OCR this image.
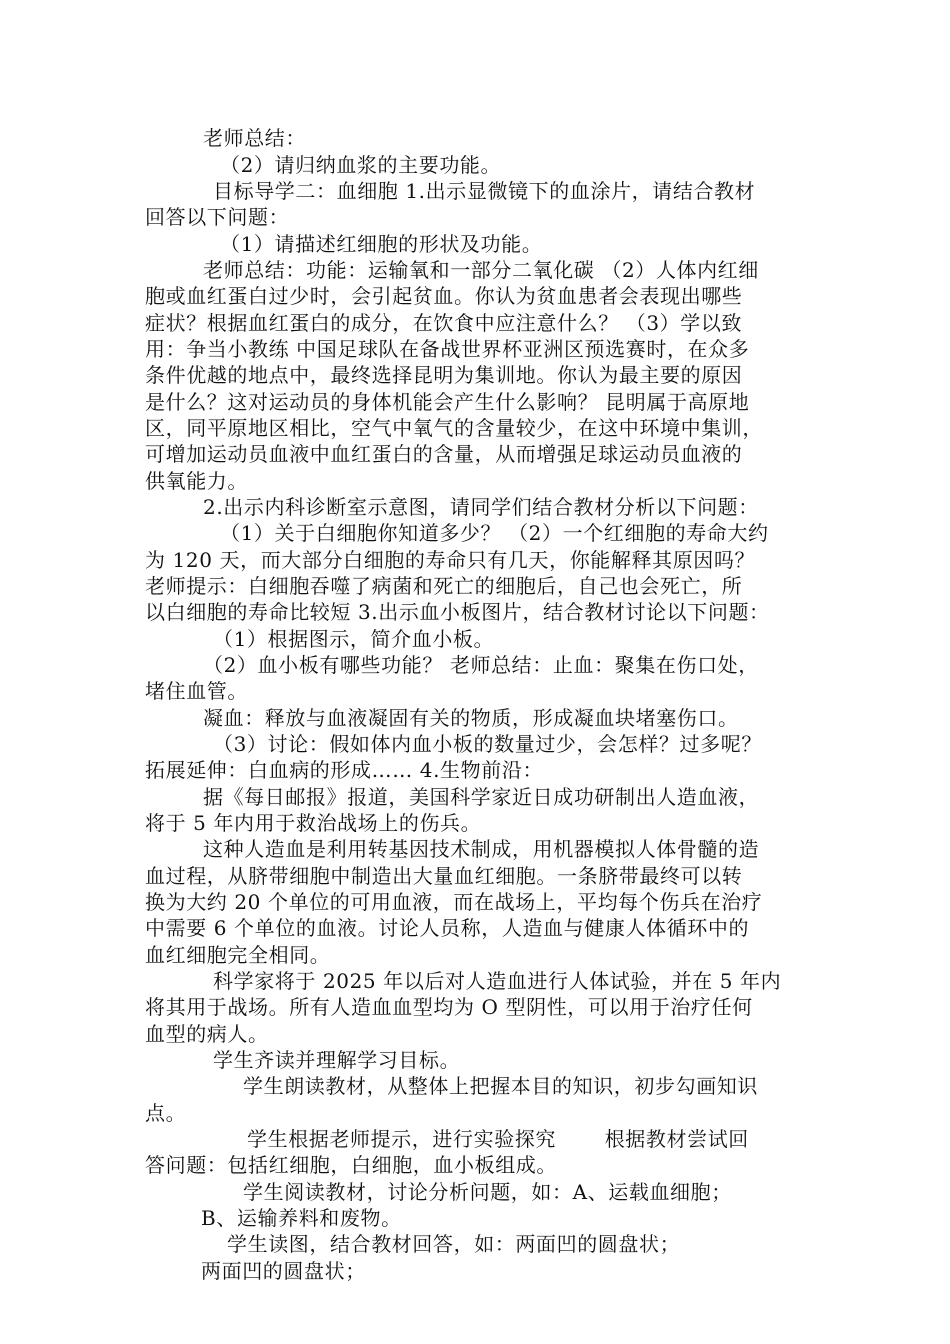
老师总结：
（2）请归纳血浆的主要功能。
目标导学二：血细胞 1.出示显微镜下的血涂片，请结合教材
回答以下问题：
（1）请描述红细胞的形状及功能。
老师总结：功能：运输氧和一部分二氧化碳 （2）人体内红细
胞或血红蛋白过少时，会引起贫血。你认为贫血患者会表现出哪些
症状？根据血红蛋白的成分，在饮食中应注意什么？ （3）学以致
用：争当小教练 中国足球队在备战世界杯亚洲区预选赛时，在众多
条件优越的地点中，最终选择昆明为集训地。你认为最主要的原因
是什么？这对运动员的身体机能会产生什么影响？ 昆明属于高原地
区，同平原地区相比，空气中氧气的含量较少，在这中环境中集训，
可增加运动员血液中血红蛋白的含量，从而增强足球运动员血液的
供氧能力。
2.出示内科诊断室示意图，请同学们结合教材分析以下问题：
（1）关于白细胞你知道多少？ （2）一个红细胞的寿命大约
为 120 天，而大部分白细胞的寿命只有几天，你能解释其原因吗？
老师提示：白细胞吞噬了病菌和死亡的细胞后，自己也会死亡，所
以白细胞的寿命比较短 3.出示血小板图片，结合教材讨论以下问题：
（1）根据图示，简介血小板。
（2）血小板有哪些功能？ 老师总结：止血：聚集在伤口处，
堵住血管。
凝血：释放与血液凝固有关的物质，形成凝血块堵塞伤口。
（3）讨论：假如体内血小板的数量过少，会怎样？过多呢？
拓展延伸：白血病的形成…… 4.生物前沿：
据《每日邮报》报道，美国科学家近日成功研制出人造血液，
将于 5 年内用于救治战场上的伤兵。
这种人造血是利用转基因技术制成，用机器模拟人体骨髓的造
血过程，从脐带细胞中制造出大量血红细胞。一条脐带最终可以转
换为大约 20 个单位的可用血液，而在战场上，平均每个伤兵在治疗
中需要 6 个单位的血液。讨论人员称，人造血与健康人体循环中的
血红细胞完全相同。
科学家将于 2025 年以后对人造血进行人体试验，并在 5 年内
将其用于战场。所有人造血血型均为 O 型阴性，可以用于治疗任何
血型的病人。
学生齐读并理解学习目标。
学生朗读教材，从整体上把握本目的知识，初步勾画知识
点。
学生根据老师提示，进行实验探究       根据教材尝试回
答问题：包括红细胞，白细胞，血小板组成。
学生阅读教材，讨论分析问题，如：A、运载血细胞；
B、运输养料和废物。
学生读图，结合教材回答，如：两面凹的圆盘状；
两面凹的圆盘状；
